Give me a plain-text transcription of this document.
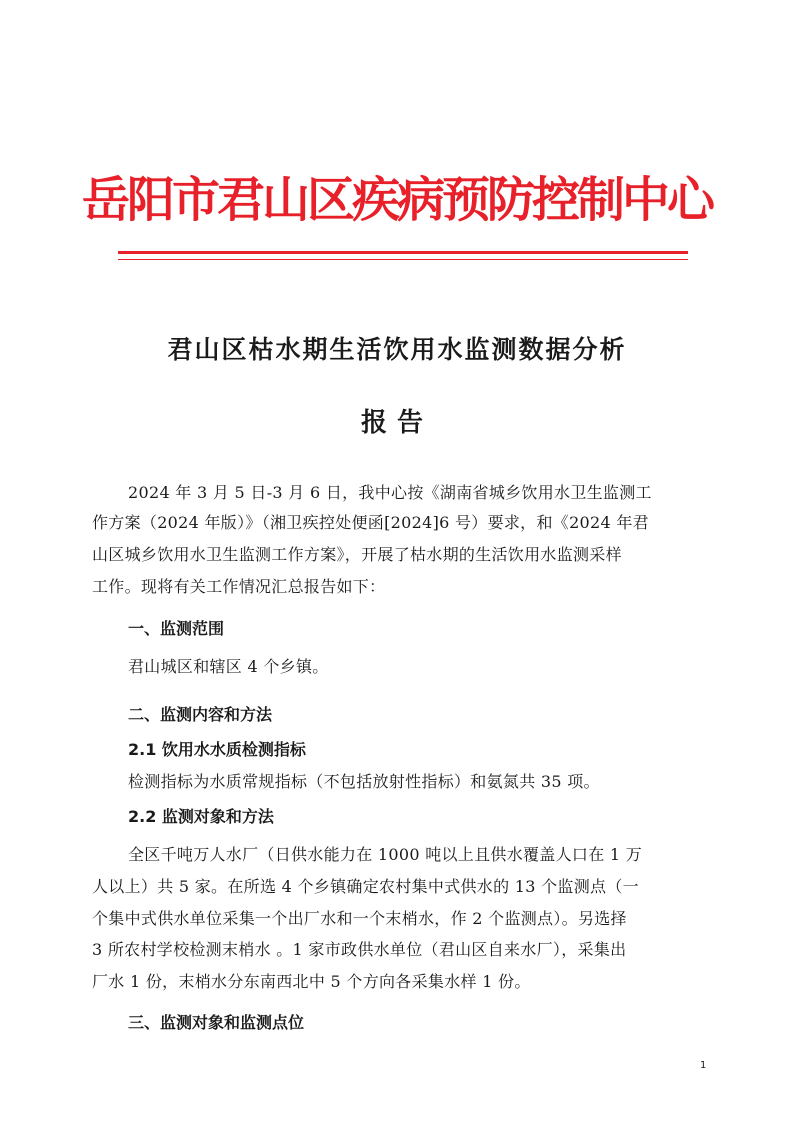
岳阳市君山区疾病预防控制中心
君山区枯水期生活饮用水监测数据分析
报告
2024 年 3 月 5 日-3 月 6 日，我中心按《湖南省城乡饮用水卫生监测工
作方案（2024 年版）》（湘卫疾控处便函[2024]6 号）要求，和《2024 年君
山区城乡饮用水卫生监测工作方案》，开展了枯水期的生活饮用水监测采样
工作。现将有关工作情况汇总报告如下：
一、监测范围
君山城区和辖区 4 个乡镇。
二、监测内容和方法
2.1 饮用水水质检测指标
检测指标为水质常规指标（不包括放射性指标）和氨氮共 35 项。
2.2 监测对象和方法
全区千吨万人水厂（日供水能力在 1000 吨以上且供水覆盖人口在 1 万
人以上）共 5 家。在所选 4 个乡镇确定农村集中式供水的 13 个监测点（一
个集中式供水单位采集一个出厂水和一个末梢水，作 2 个监测点）。另选择
3 所农村学校检测末梢水 。1 家市政供水单位（君山区自来水厂），采集出
厂水 1 份，末梢水分东南西北中 5 个方向各采集水样 1 份。
三、监测对象和监测点位
1
